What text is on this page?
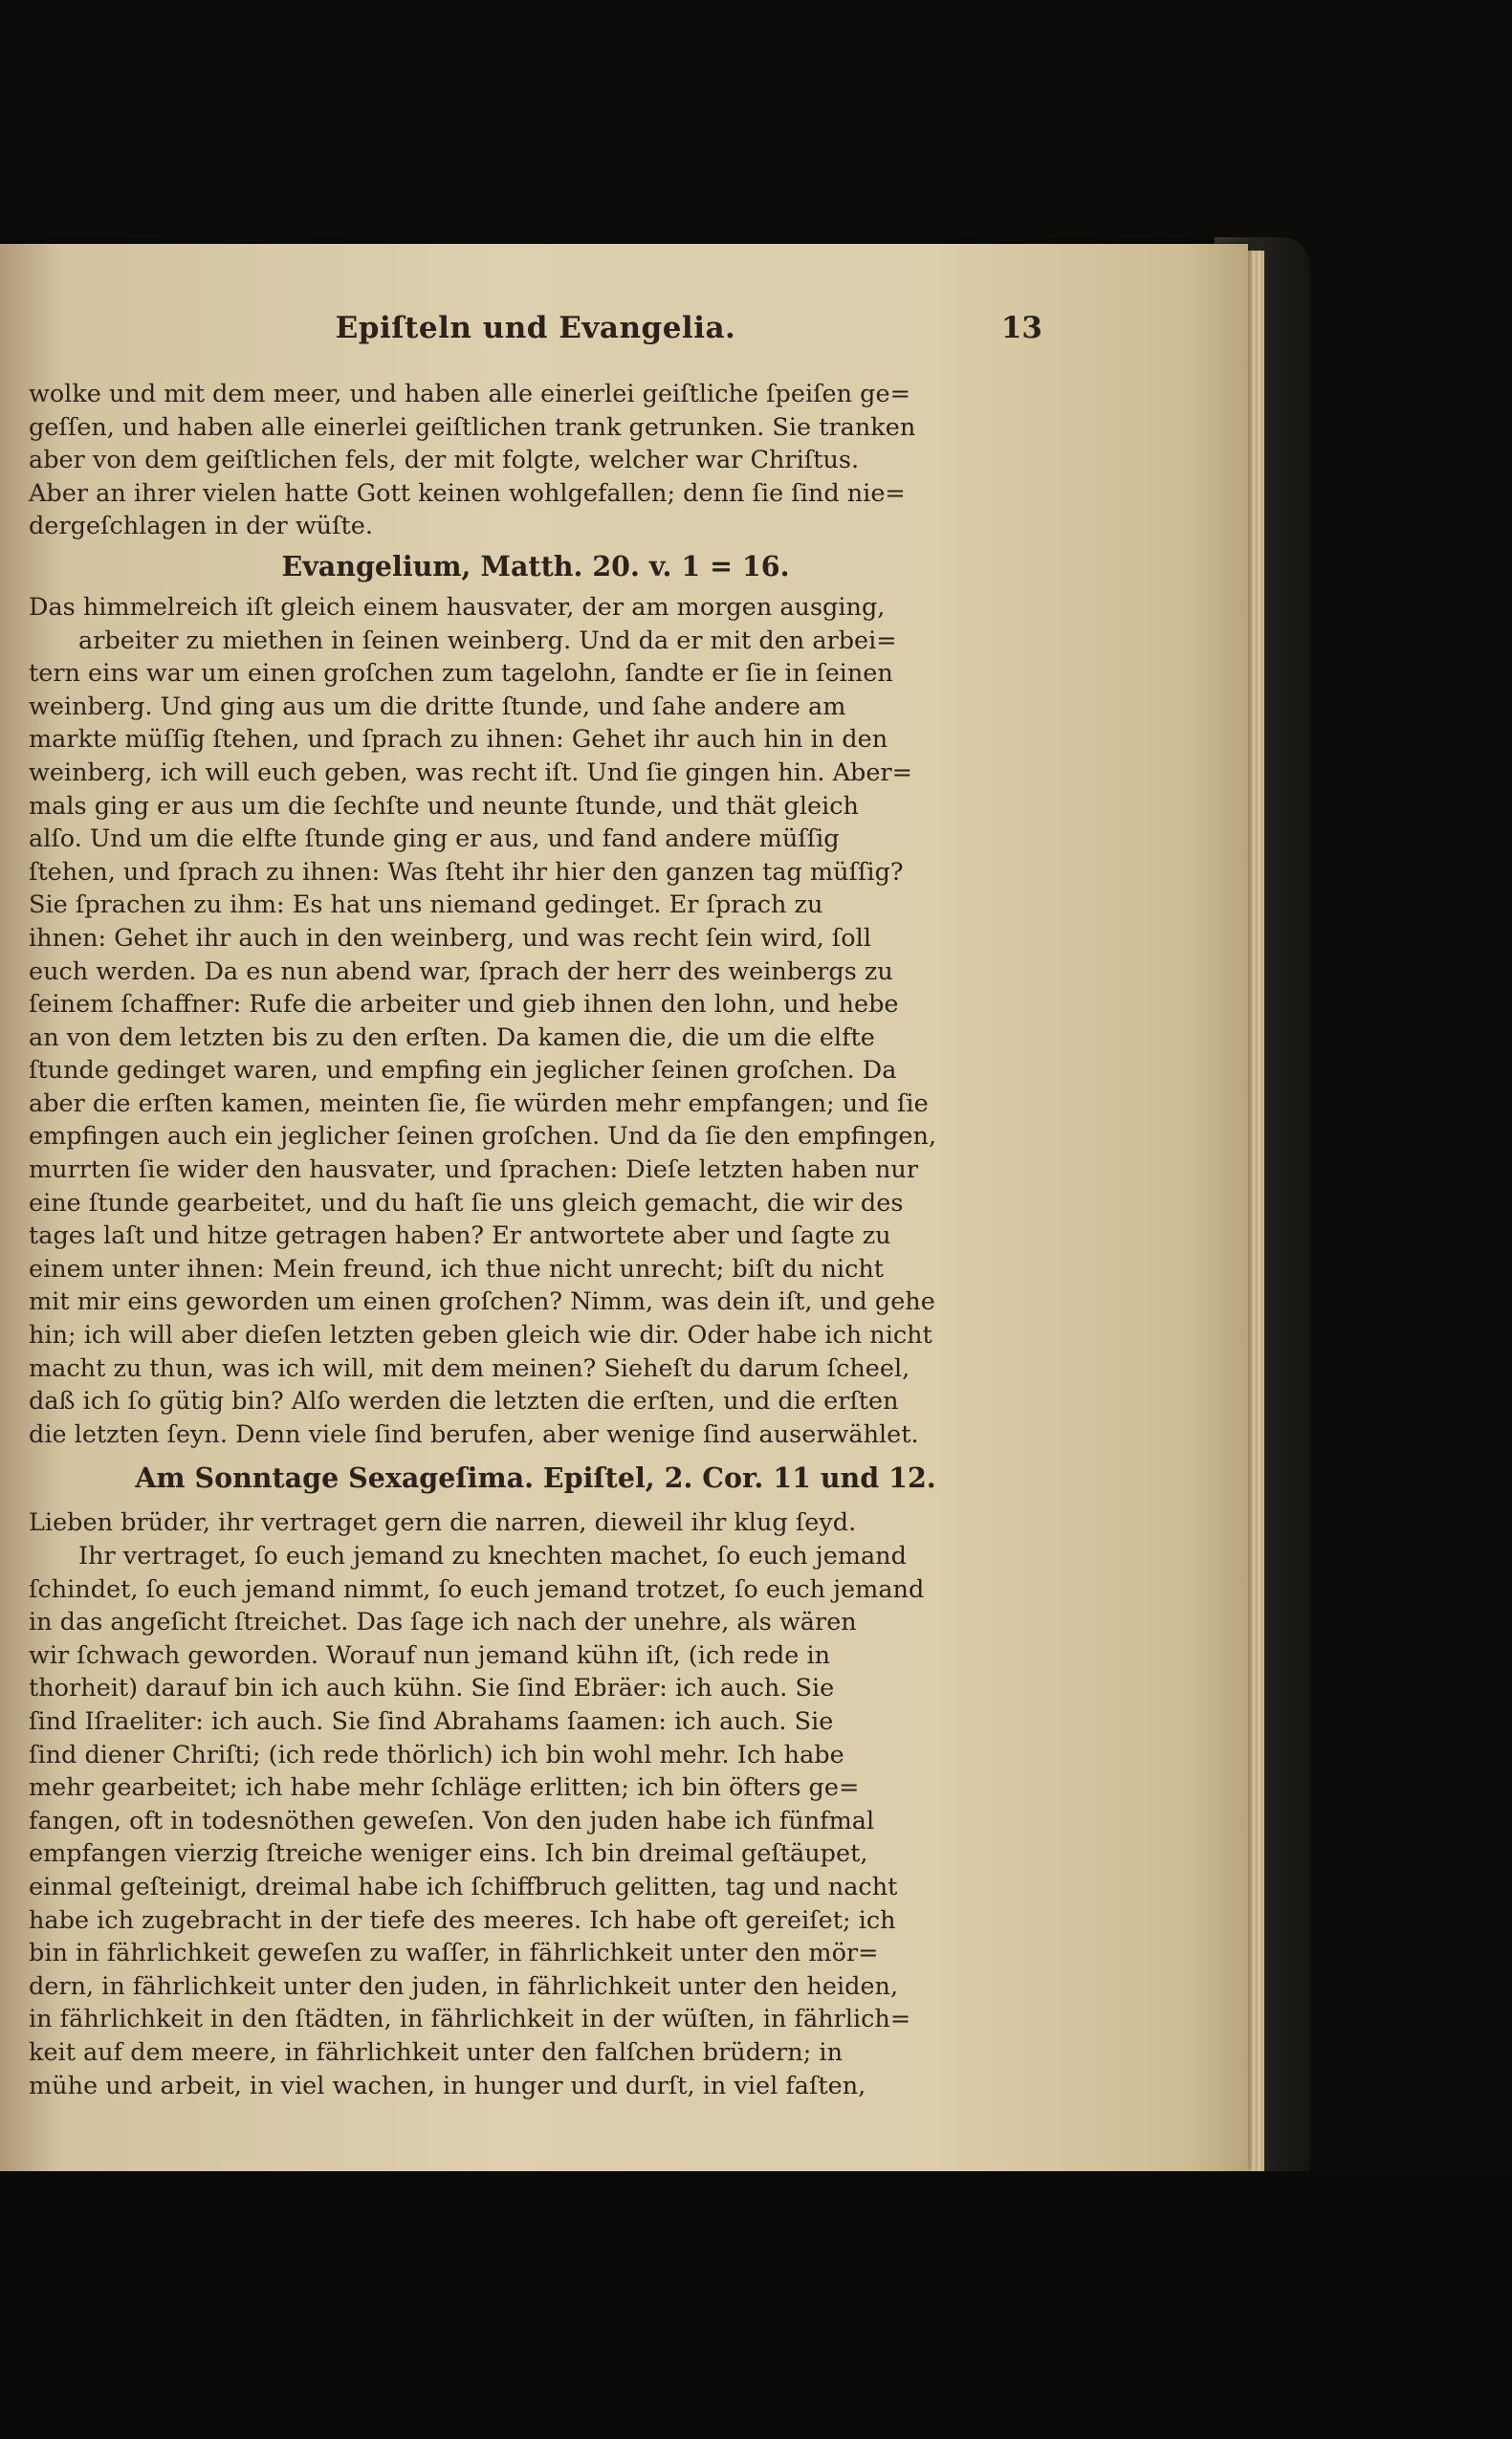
Epiſteln und Evangelia.	13
wolke und mit dem meer, und haben alle einerlei geiſtliche ſpeiſen ge=
geſſen, und haben alle einerlei geiſtlichen trank getrunken. Sie tranken
aber von dem geiſtlichen fels, der mit folgte, welcher war Chriſtus.
Aber an ihrer vielen hatte Gott keinen wohlgefallen; denn ſie ſind nie=
dergeſchlagen in der wüſte.
Evangelium, Matth. 20. v. 1 = 16.
Das himmelreich iſt gleich einem hausvater, der am morgen ausging,
arbeiter zu miethen in ſeinen weinberg. Und da er mit den arbei=
tern eins war um einen groſchen zum tagelohn, ſandte er ſie in ſeinen
weinberg. Und ging aus um die dritte ſtunde, und ſahe andere am
markte müſſig ſtehen, und ſprach zu ihnen: Gehet ihr auch hin in den
weinberg, ich will euch geben, was recht iſt. Und ſie gingen hin. Aber=
mals ging er aus um die ſechſte und neunte ſtunde, und thät gleich
alſo. Und um die elfte ſtunde ging er aus, und fand andere müſſig
ſtehen, und ſprach zu ihnen: Was ſteht ihr hier den ganzen tag müſſig?
Sie ſprachen zu ihm: Es hat uns niemand gedinget. Er ſprach zu
ihnen: Gehet ihr auch in den weinberg, und was recht ſein wird, ſoll
euch werden. Da es nun abend war, ſprach der herr des weinbergs zu
ſeinem ſchaffner: Rufe die arbeiter und gieb ihnen den lohn, und hebe
an von dem letzten bis zu den erſten. Da kamen die, die um die elfte
ſtunde gedinget waren, und empfing ein jeglicher ſeinen groſchen. Da
aber die erſten kamen, meinten ſie, ſie würden mehr empfangen; und ſie
empfingen auch ein jeglicher ſeinen groſchen. Und da ſie den empfingen,
murrten ſie wider den hausvater, und ſprachen: Dieſe letzten haben nur
eine ſtunde gearbeitet, und du haſt ſie uns gleich gemacht, die wir des
tages laſt und hitze getragen haben? Er antwortete aber und ſagte zu
einem unter ihnen: Mein freund, ich thue nicht unrecht; biſt du nicht
mit mir eins geworden um einen groſchen? Nimm, was dein iſt, und gehe
hin; ich will aber dieſen letzten geben gleich wie dir. Oder habe ich nicht
macht zu thun, was ich will, mit dem meinen? Sieheſt du darum ſcheel,
daß ich ſo gütig bin? Alſo werden die letzten die erſten, und die erſten
die letzten ſeyn. Denn viele ſind berufen, aber wenige ſind auserwählet.
Am Sonntage Sexageſima. Epiſtel, 2. Cor. 11 und 12.
Lieben brüder, ihr vertraget gern die narren, dieweil ihr klug ſeyd.
Ihr vertraget, ſo euch jemand zu knechten machet, ſo euch jemand
ſchindet, ſo euch jemand nimmt, ſo euch jemand trotzet, ſo euch jemand
in das angeſicht ſtreichet. Das ſage ich nach der unehre, als wären
wir ſchwach geworden. Worauf nun jemand kühn iſt, (ich rede in
thorheit) darauf bin ich auch kühn. Sie ſind Ebräer: ich auch. Sie
ſind Iſraeliter: ich auch. Sie ſind Abrahams ſaamen: ich auch. Sie
ſind diener Chriſti; (ich rede thörlich) ich bin wohl mehr. Ich habe
mehr gearbeitet; ich habe mehr ſchläge erlitten; ich bin öfters ge=
fangen, oft in todesnöthen geweſen. Von den juden habe ich fünfmal
empfangen vierzig ſtreiche weniger eins. Ich bin dreimal geſtäupet,
einmal geſteinigt, dreimal habe ich ſchiffbruch gelitten, tag und nacht
habe ich zugebracht in der tiefe des meeres. Ich habe oft gereiſet; ich
bin in fährlichkeit geweſen zu waſſer, in fährlichkeit unter den mör=
dern, in fährlichkeit unter den juden, in fährlichkeit unter den heiden,
in fährlichkeit in den ſtädten, in fährlichkeit in der wüſten, in fährlich=
keit auf dem meere, in fährlichkeit unter den falſchen brüdern; in
mühe und arbeit, in viel wachen, in hunger und durſt, in viel faſten,
